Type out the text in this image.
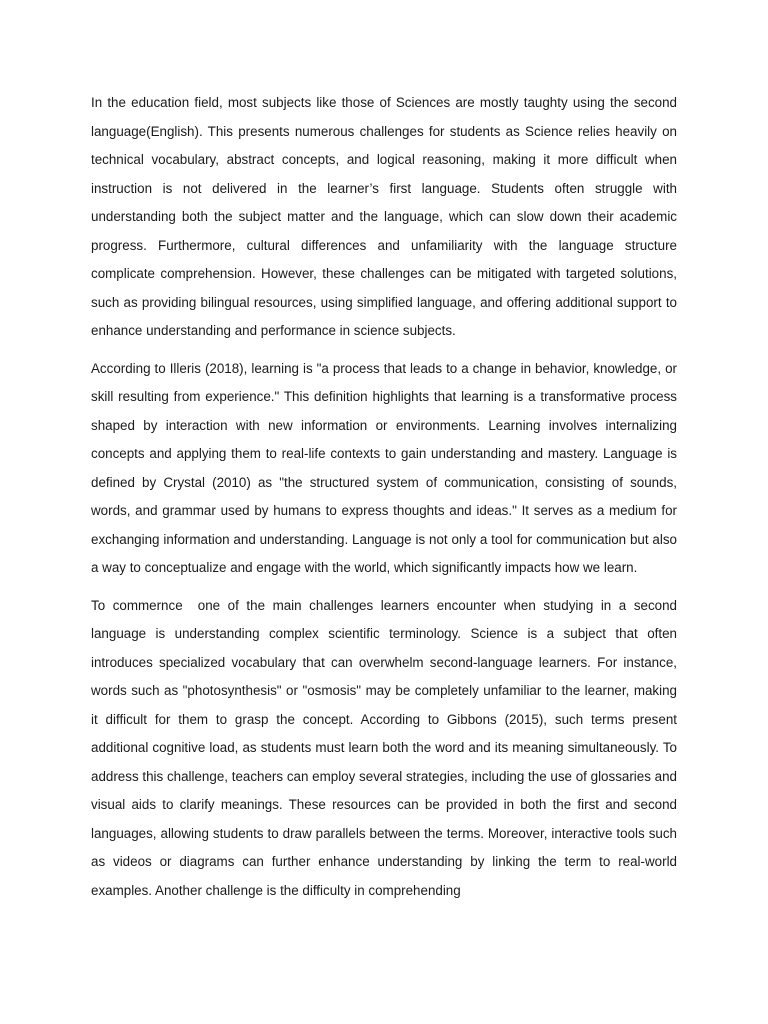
In the education field, most subjects like those of Sciences are mostly taughty using the second language(English). This presents numerous challenges for students as Science relies heavily on technical vocabulary, abstract concepts, and logical reasoning, making it more difficult when instruction is not delivered in the learner’s first language. Students often struggle with understanding both the subject matter and the language, which can slow down their academic progress. Furthermore, cultural differences and unfamiliarity with the language structure complicate comprehension. However, these challenges can be mitigated with targeted solutions, such as providing bilingual resources, using simplified language, and offering additional support to enhance understanding and performance in science subjects.

According to Illeris (2018), learning is "a process that leads to a change in behavior, knowledge, or skill resulting from experience." This definition highlights that learning is a transformative process shaped by interaction with new information or environments. Learning involves internalizing concepts and applying them to real-life contexts to gain understanding and mastery. Language is defined by Crystal (2010) as "the structured system of communication, consisting of sounds, words, and grammar used by humans to express thoughts and ideas." It serves as a medium for exchanging information and understanding. Language is not only a tool for communication but also a way to conceptualize and engage with the world, which significantly impacts how we learn.

To commernce  one of the main challenges learners encounter when studying in a second language is understanding complex scientific terminology. Science is a subject that often introduces specialized vocabulary that can overwhelm second-language learners. For instance, words such as "photosynthesis" or "osmosis" may be completely unfamiliar to the learner, making it difficult for them to grasp the concept. According to Gibbons (2015), such terms present additional cognitive load, as students must learn both the word and its meaning simultaneously. To address this challenge, teachers can employ several strategies, including the use of glossaries and visual aids to clarify meanings. These resources can be provided in both the first and second languages, allowing students to draw parallels between the terms. Moreover, interactive tools such as videos or diagrams can further enhance understanding by linking the term to real-world examples. Another challenge is the difficulty in comprehending
